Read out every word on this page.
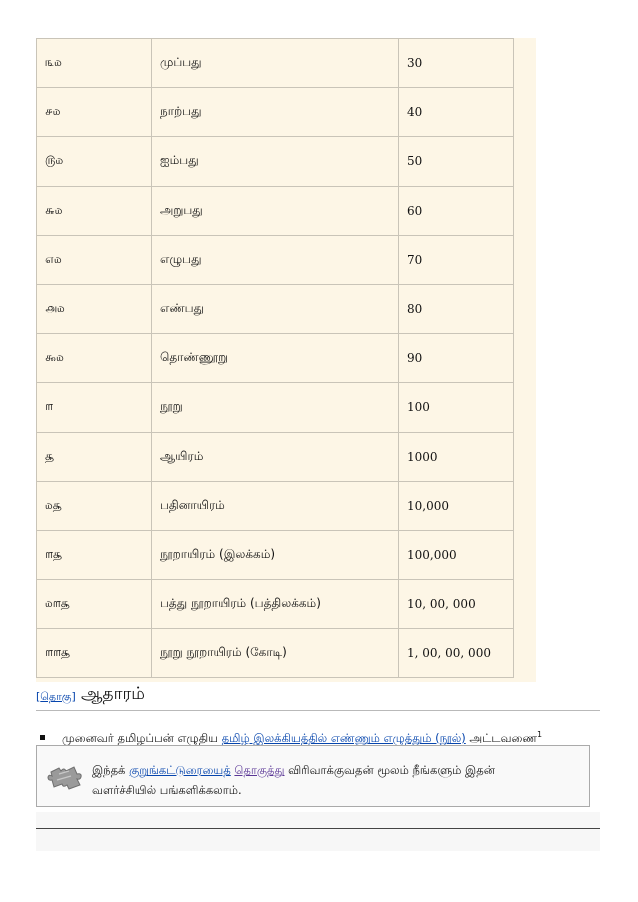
௩௰	முப்பது	30
௪௰	நாற்பது	40
௫௰	ஐம்பது	50
௬௰	அறுபது	60
௭௰	எழுபது	70
௮௰	எண்பது	80
௯௰	தொண்ணூறு	90
௱	நூறு	100
௲	ஆயிரம்	1000
௰௲	பதினாயிரம்	10,000
௱௲	நூறாயிரம் (இலக்கம்)	100,000
௰௱௲	பத்து நூறாயிரம் (பத்திலக்கம்)	10, 00, 000
௱௱௲	நூறு நூறாயிரம் (கோடி)	1, 00, 00, 000
[தொகு] ஆதாரம்
முனைவர் தமிழப்பன் எழுதிய தமிழ் இலக்கியத்தில் எண்ணும் எழுத்தும் (நூல்) அட்டவணை$^1$
இந்தக் குறுங்கட்டுரையைத் தொகுத்து விரிவாக்குவதன் மூலம் நீங்களும் இதன்
வளர்ச்சியில் பங்களிக்கலாம்.
